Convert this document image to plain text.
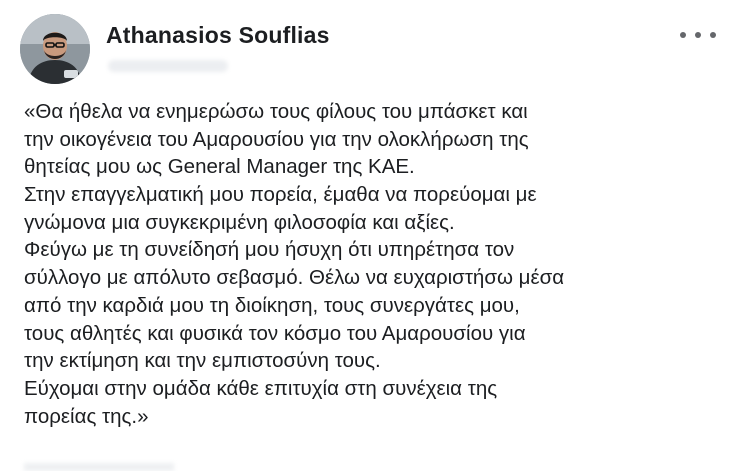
Athanasios Souflias
«Θα ήθελα να ενημερώσω τους φίλους του μπάσκετ και
την οικογένεια του Αμαρουσίου για την ολοκλήρωση της
θητείας μου ως General Manager της ΚΑΕ.
Στην επαγγελματική μου πορεία, έμαθα να πορεύομαι με
γνώμονα μια συγκεκριμένη φιλοσοφία και αξίες.
Φεύγω με τη συνείδησή μου ήσυχη ότι υπηρέτησα τον
σύλλογο με απόλυτο σεβασμό. Θέλω να ευχαριστήσω μέσα
από την καρδιά μου τη διοίκηση, τους συνεργάτες μου,
τους αθλητές και φυσικά τον κόσμο του Αμαρουσίου για
την εκτίμηση και την εμπιστοσύνη τους.
Εύχομαι στην ομάδα κάθε επιτυχία στη συνέχεια της
πορείας της.»
